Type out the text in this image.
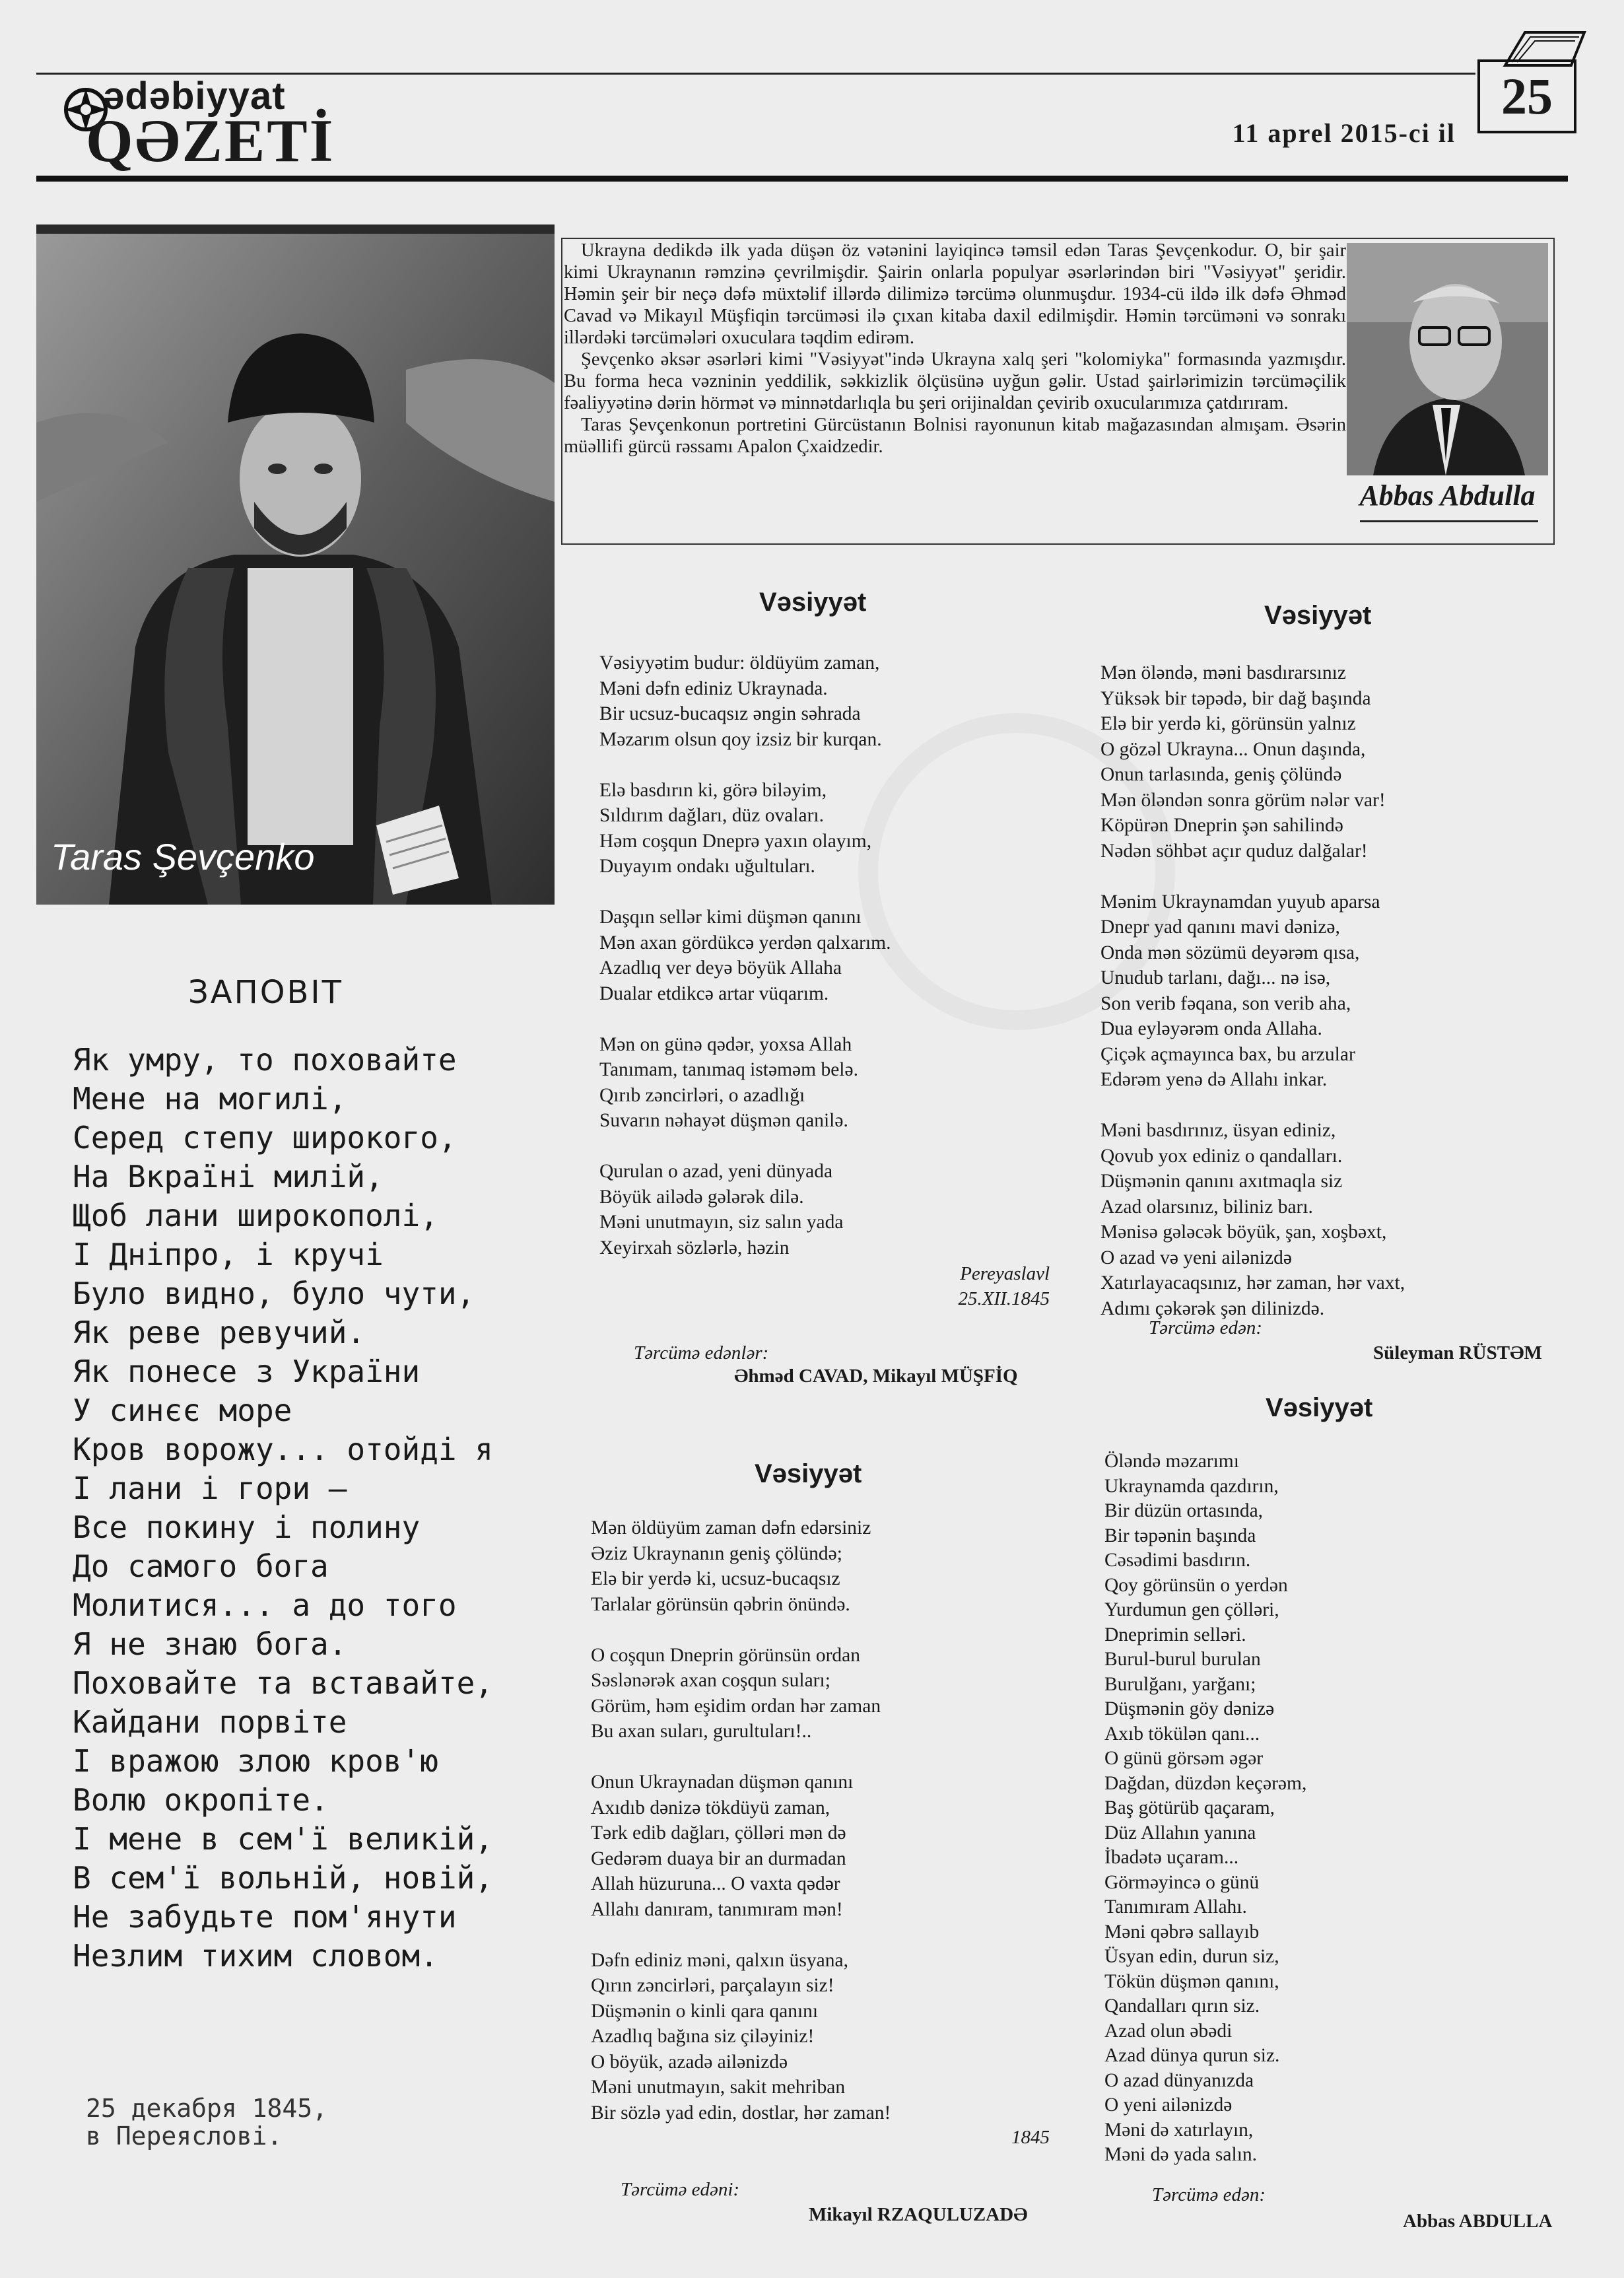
ədəbiyyat
QƏZETİ	11 aprel 2015-ci il
25
Taras Şevçenko

Ukrayna dedikdə ilk yada düşən öz vətənini layiqincə təmsil edən Taras Şevçenkodur. O, bir şair kimi Ukraynanın rəmzinə çevrilmişdir. Şairin onlarla populyar əsərlərindən biri "Vəsiyyət" şeridir. Həmin şeir bir neçə dəfə müxtəlif illərdə dilimizə tərcümə olunmuşdur. 1934-cü ildə ilk dəfə Əhməd Cavad və Mikayıl Müşfiqin tərcüməsi ilə çıxan kitaba daxil edilmişdir. Həmin tərcüməni və sonrakı illərdəki tərcümələri oxuculara təqdim edirəm.

Şevçenko əksər əsərləri kimi "Vəsiyyət"ində Ukrayna xalq şeri "kolomiyka" formasında yazmışdır. Bu forma heca vəzninin yeddilik, səkkizlik ölçüsünə uyğun gəlir. Ustad şairlərimizin tərcüməçilik fəaliyyətinə dərin hörmət və minnətdarlıqla bu şeri orijinaldan çevirib oxucularımıza çatdırıram.

Taras Şevçenkonun portretini Gürcüstanın Bolnisi rayonunun kitab mağazasından almışam. Əsərin müəllifi gürcü rəssamı Apalon Çxaidzedir.

Abbas Abdulla
ЗАПОВІТ
Як умру, то поховайте
Мене на могилі,
Серед степу широкого,
На Вкраїні милій,
Щоб лани широкополі,
І Дніпро, і кручі
Було видно, було чути,
Як реве ревучий.
Як понесе з України
У синєє море
Кров ворожу... отойді я
І лани і гори —
Все покину і полину
До самого бога
Молитися... а до того
Я не знаю бога.
Поховайте та вставайте,
Кайдани порвіте
І вражою злою кров'ю
Волю окропіте.
І мене в сем'ї великій,
В сем'ї вольній, новій,
Не забудьте пом'янути
Незлим тихим словом.
25 декабря 1845,
в Переяслові.
Vəsiyyət
Vəsiyyətim budur: öldüyüm zaman,
Məni dəfn ediniz Ukraynada.
Bir ucsuz-bucaqsız əngin səhrada
Məzarım olsun qoy izsiz bir kurqan.

Elə basdırın ki, görə biləyim,
Sıldırım dağları, düz ovaları.
Həm coşqun Dneprə yaxın olayım,
Duyayım ondakı uğultuları.

Daşqın sellər kimi düşmən qanını
Mən axan gördükcə yerdən qalxarım.
Azadlıq ver deyə böyük Allaha
Dualar etdikcə artar vüqarım.

Mən on günə qədər, yoxsa Allah
Tanımam, tanımaq istəməm belə.
Qırıb zəncirləri, o azadlığı
Suvarın nəhayət düşmən qanilə.

Qurulan o azad, yeni dünyada
Böyük ailədə gələrək dilə.
Məni unutmayın, siz salın yada
Xeyirxah sözlərlə, həzin
Pereyaslavl
25.XII.1845
Tərcümə edənlər:
Əhməd CAVAD, Mikayıl MÜŞFİQ
Vəsiyyət
Mən öləndə, məni basdırarsınız
Yüksək bir təpədə, bir dağ başında
Elə bir yerdə ki, görünsün yalnız
O gözəl Ukrayna... Onun daşında,
Onun tarlasında, geniş çölündə
Mən öləndən sonra görüm nələr var!
Köpürən Dneprin şən sahilində
Nədən söhbət açır quduz dalğalar!

Mənim Ukraynamdan yuyub aparsa
Dnepr yad qanını mavi dənizə,
Onda mən sözümü deyərəm qısa,
Unudub tarlanı, dağı... nə isə,
Son verib fəqana, son verib aha,
Dua eyləyərəm onda Allaha.
Çiçək açmayınca bax, bu arzular
Edərəm yenə də Allahı inkar.

Məni basdırınız, üsyan ediniz,
Qovub yox ediniz o qandalları.
Düşmənin qanını axıtmaqla siz
Azad olarsınız, biliniz barı.
Mənisə gələcək böyük, şan, xoşbəxt,
O azad və yeni ailənizdə
Xatırlayacaqsınız, hər zaman, hər vaxt,
Adımı çəkərək şən dilinizdə.
Tərcümə edən:
Süleyman RÜSTƏM
Vəsiyyət
Mən öldüyüm zaman dəfn edərsiniz
Əziz Ukraynanın geniş çölündə;
Elə bir yerdə ki, ucsuz-bucaqsız
Tarlalar görünsün qəbrin önündə.

O coşqun Dneprin görünsün ordan
Səslənərək axan coşqun suları;
Görüm, həm eşidim ordan hər zaman
Bu axan suları, gurultuları!..

Onun Ukraynadan düşmən qanını
Axıdıb dənizə tökdüyü zaman,
Tərk edib dağları, çölləri mən də
Gedərəm duaya bir an durmadan
Allah hüzuruna... O vaxta qədər
Allahı danıram, tanımıram mən!

Dəfn ediniz məni, qalxın üsyana,
Qırın zəncirləri, parçalayın siz!
Düşmənin o kinli qara qanını
Azadlıq bağına siz çiləyiniz!
O böyük, azadə ailənizdə
Məni unutmayın, sakit mehriban
Bir sözlə yad edin, dostlar, hər zaman!
1845
Tərcümə edəni:
Mikayıl RZAQULUZADƏ
Vəsiyyət
Öləndə məzarımı
Ukraynamda qazdırın,
Bir düzün ortasında,
Bir təpənin başında
Cəsədimi basdırın.
Qoy görünsün o yerdən
Yurdumun gen çölləri,
Dneprimin selləri.
Burul-burul burulan
Burulğanı, yarğanı;
Düşmənin göy dənizə
Axıb tökülən qanı...
O günü görsəm əgər
Dağdan, düzdən keçərəm,
Baş götürüb qaçaram,
Düz Allahın yanına
İbadətə uçaram...
Görməyincə o günü
Tanımıram Allahı.
Məni qəbrə sallayıb
Üsyan edin, durun siz,
Tökün düşmən qanını,
Qandalları qırın siz.
Azad olun əbədi
Azad dünya qurun siz.
O azad dünyanızda
O yeni ailənizdə
Məni də xatırlayın,
Məni də yada salın.
Tərcümə edən:
Abbas ABDULLA
